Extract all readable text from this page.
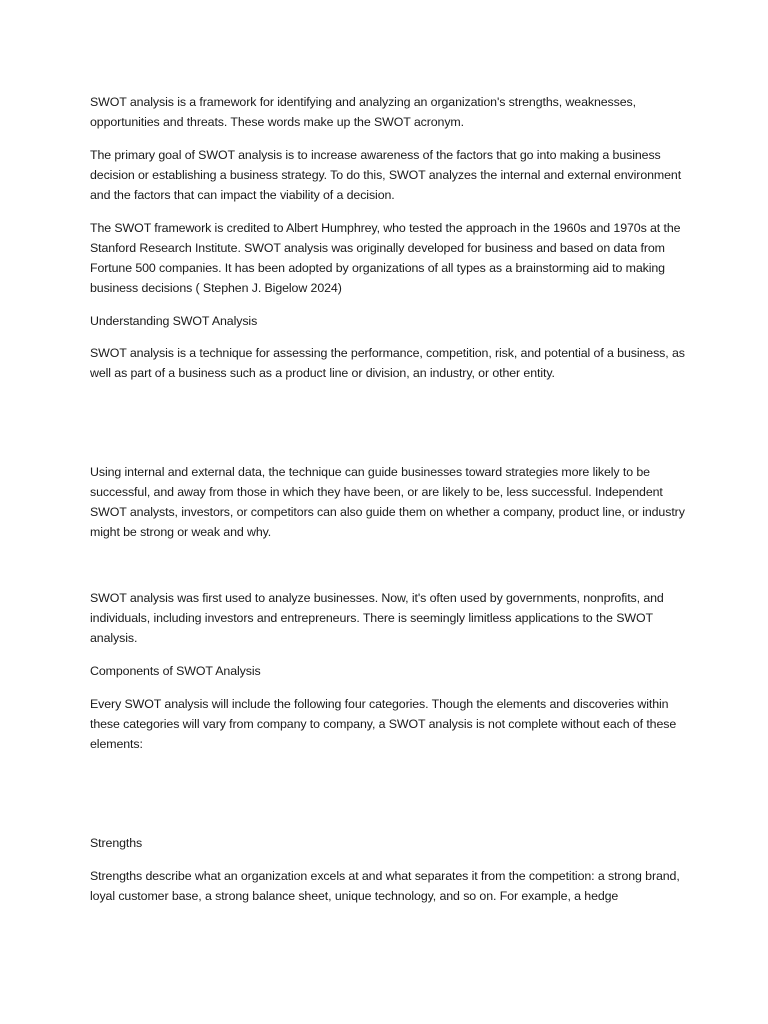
SWOT analysis is a framework for identifying and analyzing an organization's strengths, weaknesses, opportunities and threats. These words make up the SWOT acronym.

The primary goal of SWOT analysis is to increase awareness of the factors that go into making a business decision or establishing a business strategy. To do this, SWOT analyzes the internal and external environment and the factors that can impact the viability of a decision.

The SWOT framework is credited to Albert Humphrey, who tested the approach in the 1960s and 1970s at the Stanford Research Institute. SWOT analysis was originally developed for business and based on data from Fortune 500 companies. It has been adopted by organizations of all types as a brainstorming aid to making business decisions ( Stephen J. Bigelow 2024)

Understanding SWOT Analysis

SWOT analysis is a technique for assessing the performance, competition, risk, and potential of a business, as well as part of a business such as a product line or division, an industry, or other entity.

Using internal and external data, the technique can guide businesses toward strategies more likely to be successful, and away from those in which they have been, or are likely to be, less successful. Independent SWOT analysts, investors, or competitors can also guide them on whether a company, product line, or industry might be strong or weak and why.

SWOT analysis was first used to analyze businesses. Now, it's often used by governments, nonprofits, and individuals, including investors and entrepreneurs. There is seemingly limitless applications to the SWOT analysis.

Components of SWOT Analysis

Every SWOT analysis will include the following four categories. Though the elements and discoveries within these categories will vary from company to company, a SWOT analysis is not complete without each of these elements:

Strengths

Strengths describe what an organization excels at and what separates it from the competition: a strong brand, loyal customer base, a strong balance sheet, unique technology, and so on. For example, a hedge
